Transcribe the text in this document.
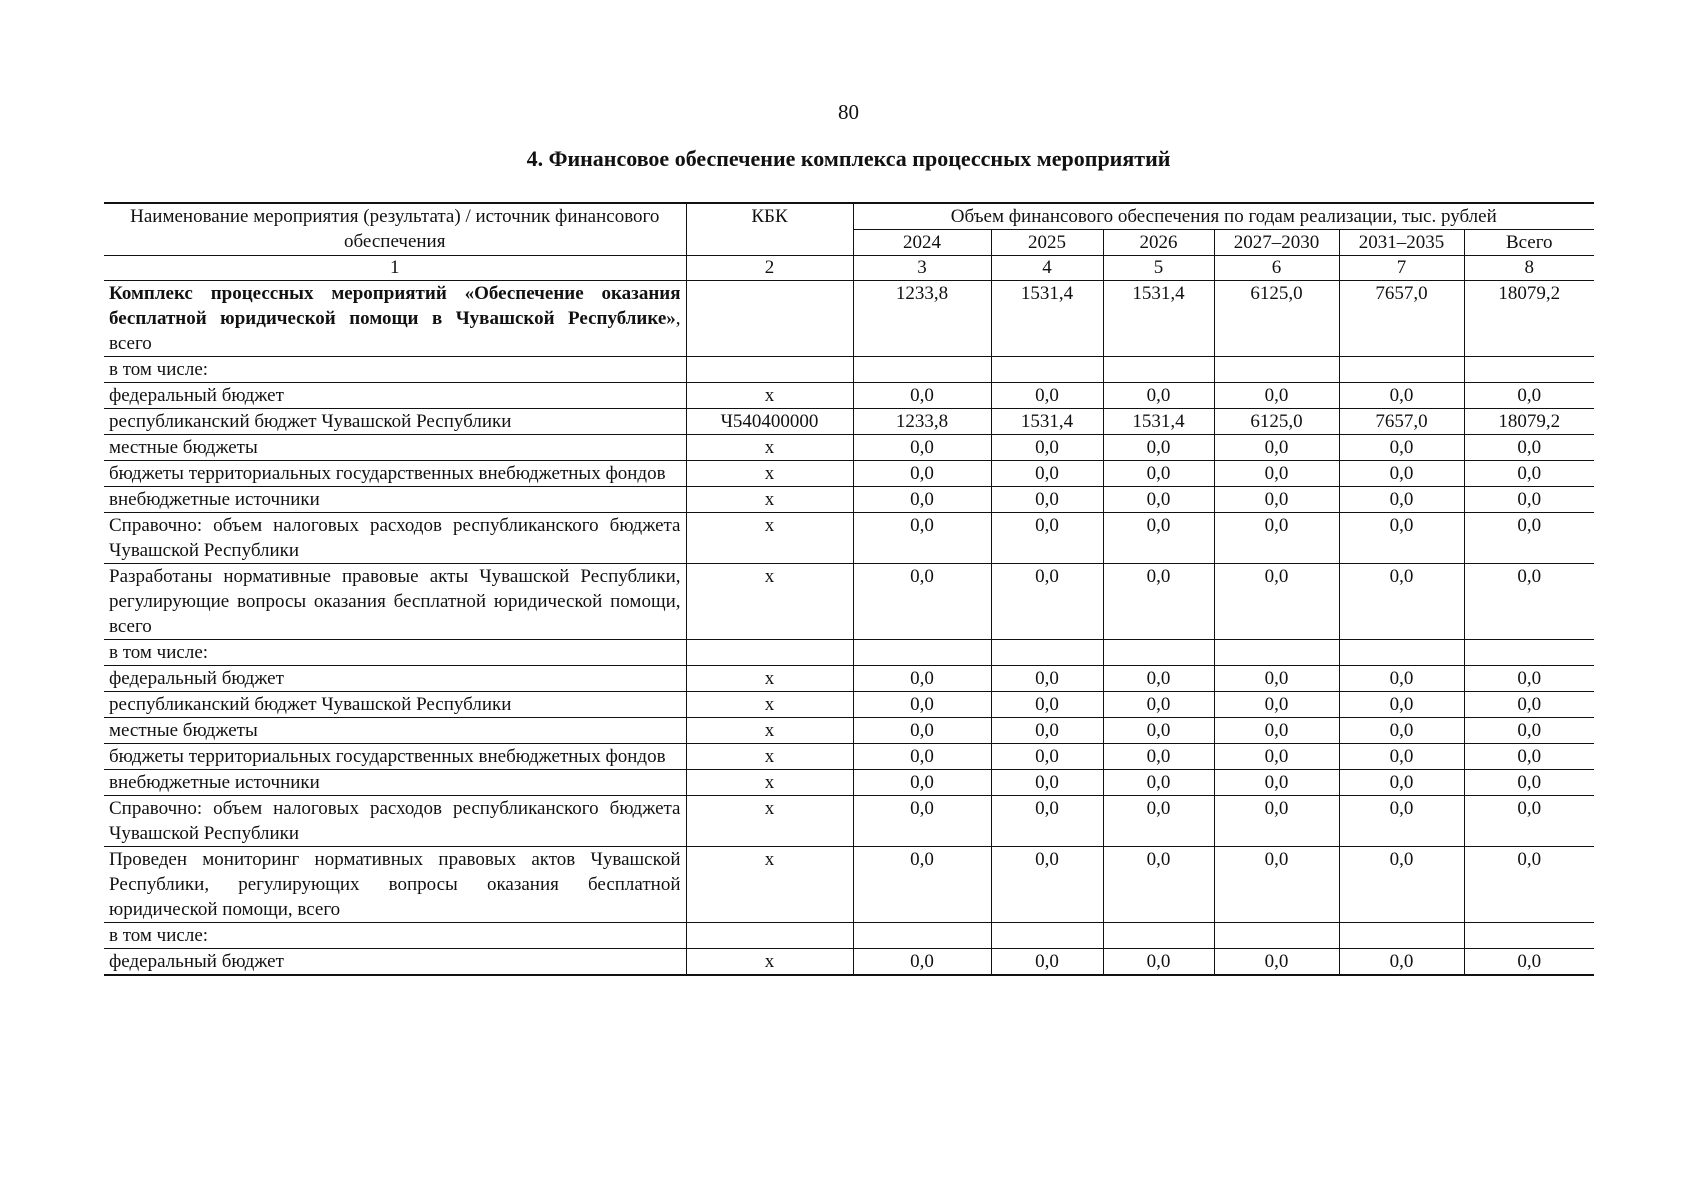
80
4. Финансовое обеспечение комплекса процессных мероприятий
Наименование мероприятия (результата) / источник финансового обеспечения	КБК	Объем финансового обеспечения по годам реализации, тыс. рублей					
		2024	2025	2026	2027–2030	2031–2035	Всего
1	2	3	4	5	6	7	8
Комплекс процессных мероприятий «Обеспечение оказания бесплатной юридической помощи в Чувашской Республике», всего		1233,8	1531,4	1531,4	6125,0	7657,0	18079,2
в том числе:							
федеральный бюджет	х	0,0	0,0	0,0	0,0	0,0	0,0
республиканский бюджет Чувашской Республики	Ч540400000	1233,8	1531,4	1531,4	6125,0	7657,0	18079,2
местные бюджеты	х	0,0	0,0	0,0	0,0	0,0	0,0
бюджеты территориальных государственных внебюджетных фондов	х	0,0	0,0	0,0	0,0	0,0	0,0
внебюджетные источники	х	0,0	0,0	0,0	0,0	0,0	0,0
Справочно: объем налоговых расходов республиканского бюджета Чувашской Республики	х	0,0	0,0	0,0	0,0	0,0	0,0
Разработаны нормативные правовые акты Чувашской Республики, регулирующие вопросы оказания бесплатной юридической помощи, всего	х	0,0	0,0	0,0	0,0	0,0	0,0
в том числе:							
федеральный бюджет	х	0,0	0,0	0,0	0,0	0,0	0,0
республиканский бюджет Чувашской Республики	х	0,0	0,0	0,0	0,0	0,0	0,0
местные бюджеты	х	0,0	0,0	0,0	0,0	0,0	0,0
бюджеты территориальных государственных внебюджетных фондов	х	0,0	0,0	0,0	0,0	0,0	0,0
внебюджетные источники	х	0,0	0,0	0,0	0,0	0,0	0,0
Справочно: объем налоговых расходов республиканского бюджета Чувашской Республики	х	0,0	0,0	0,0	0,0	0,0	0,0
Проведен мониторинг нормативных правовых актов Чувашской Республики, регулирующих вопросы оказания бесплатной юридической помощи, всего	х	0,0	0,0	0,0	0,0	0,0	0,0
в том числе:							
федеральный бюджет	х	0,0	0,0	0,0	0,0	0,0	0,0
